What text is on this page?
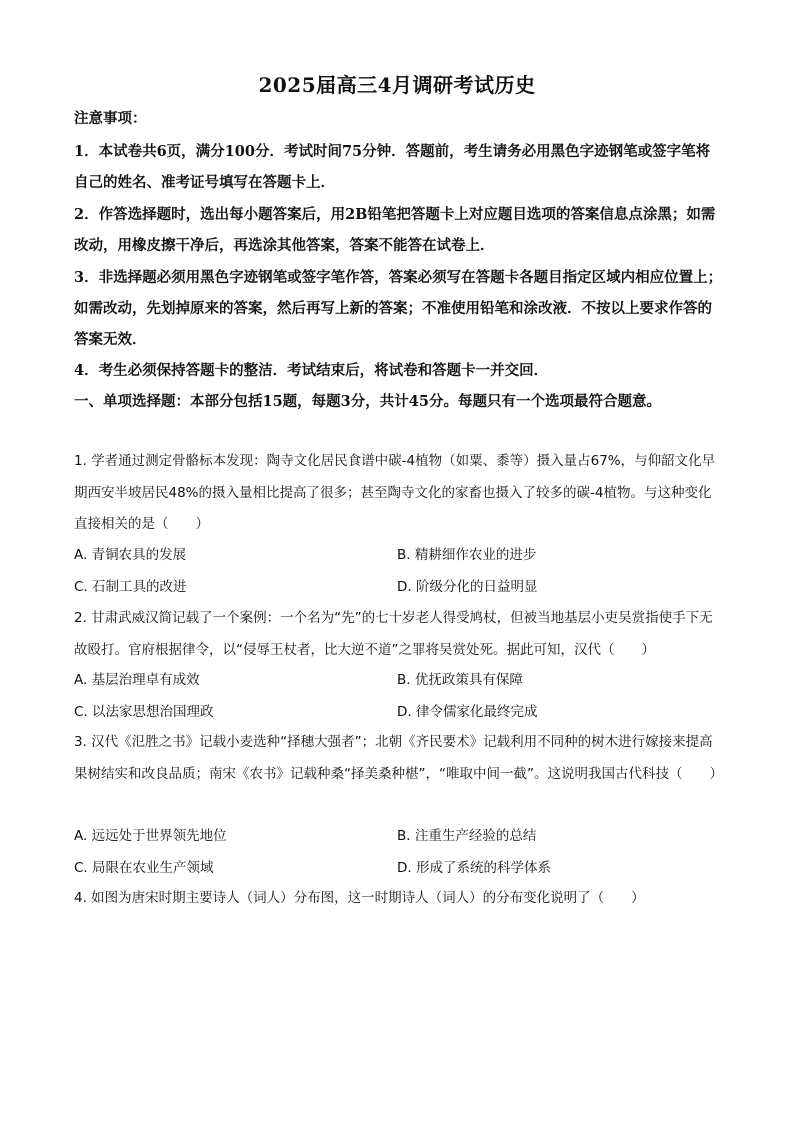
2025届高三4月调研考试历史
注意事项：
1．本试卷共6页，满分100分．考试时间75分钟．答题前，考生请务必用黑色字迹钢笔或签字笔将自己的姓名、准考证号填写在答题卡上．
2．作答选择题时，选出每小题答案后，用2B铅笔把答题卡上对应题目选项的答案信息点涂黑；如需改动，用橡皮擦干净后，再选涂其他答案，答案不能答在试卷上．
3．非选择题必须用黑色字迹钢笔或签字笔作答，答案必须写在答题卡各题目指定区域内相应位置上；如需改动，先划掉原来的答案，然后再写上新的答案；不准使用铅笔和涂改液．不按以上要求作答的答案无效．
4．考生必须保持答题卡的整洁．考试结束后，将试卷和答题卡一并交回．
一、单项选择题：本部分包括15题，每题3分，共计45分。每题只有一个选项最符合题意。
1. 学者通过测定骨骼标本发现：陶寺文化居民食谱中碳-4植物（如粟、黍等）摄入量占67%，与仰韶文化早期西安半坡居民48%的摄入量相比提高了很多；甚至陶寺文化的家畜也摄入了较多的碳-4植物。与这种变化直接相关的是（　　）
A. 青铜农具的发展	B. 精耕细作农业的进步
C. 石制工具的改进	D. 阶级分化的日益明显
2. 甘肃武威汉简记载了一个案例：一个名为“先”的七十岁老人得受鸠杖，但被当地基层小吏吴赏指使手下无故殴打。官府根据律令，以“侵辱王杖者，比大逆不道”之罪将吴赏处死。据此可知，汉代（　　）
A. 基层治理卓有成效	B. 优抚政策具有保障
C. 以法家思想治国理政	D. 律令儒家化最终完成
3. 汉代《氾胜之书》记载小麦选种“择穗大强者”；北朝《齐民要术》记载利用不同种的树木进行嫁接来提高果树结实和改良品质；南宋《农书》记载种桑“择美桑种椹”，“唯取中间一截”。这说明我国古代科技（　　）
A. 远远处于世界领先地位	B. 注重生产经验的总结
C. 局限在农业生产领域	D. 形成了系统的科学体系
4. 如图为唐宋时期主要诗人（词人）分布图，这一时期诗人（词人）的分布变化说明了（　　）
